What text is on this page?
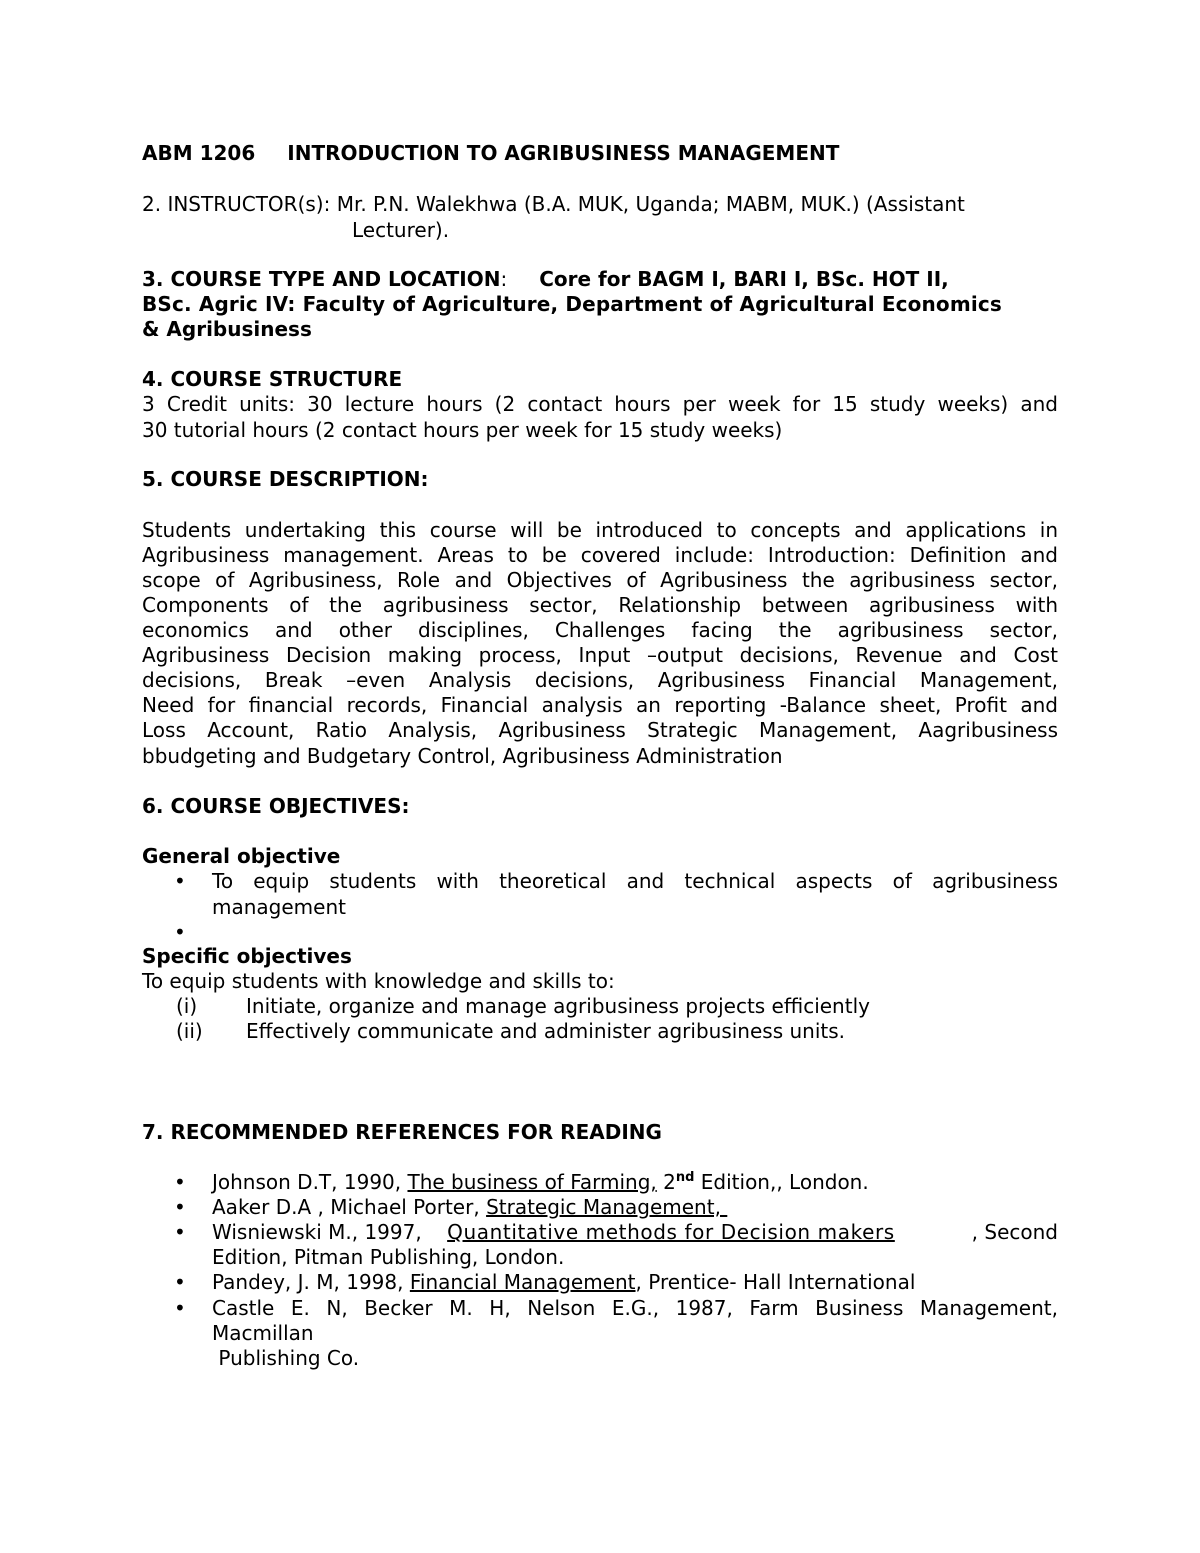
ABM 1206 INTRODUCTION TO AGRIBUSINESS MANAGEMENT
2. INSTRUCTOR(s): Mr. P.N. Walekhwa (B.A. MUK, Uganda; MABM, MUK.) (Assistant
Lecturer).
3. COURSE TYPE AND LOCATION: Core for BAGM I, BARI I, BSc. HOT II,
BSc. Agric IV: Faculty of Agriculture, Department of Agricultural Economics
& Agribusiness
4. COURSE STRUCTURE
3 Credit units: 30 lecture hours (2 contact hours per week for 15 study weeks) and
30 tutorial hours (2 contact hours per week for 15 study weeks)
5. COURSE DESCRIPTION:
Students undertaking this course will be introduced to concepts and applications in
Agribusiness management. Areas to be covered include: Introduction: Definition and
scope of Agribusiness, Role and Objectives of Agribusiness the agribusiness sector,
Components of the agribusiness sector, Relationship between agribusiness with
economics and other disciplines, Challenges facing the agribusiness sector,
Agribusiness Decision making process, Input –output decisions, Revenue and Cost
decisions, Break –even Analysis decisions, Agribusiness Financial Management,
Need for financial records, Financial analysis an reporting -Balance sheet, Profit and
Loss Account, Ratio Analysis, Agribusiness Strategic Management, Aagribusiness
bbudgeting and Budgetary Control, Agribusiness Administration
6. COURSE OBJECTIVES:
General objective
• To equip students with theoretical and technical aspects of agribusiness
management
•
Specific objectives
To equip students with knowledge and skills to:
(i) Initiate, organize and manage agribusiness projects efficiently
(ii) Effectively communicate and administer agribusiness units.
7. RECOMMENDED REFERENCES FOR READING
• Johnson D.T, 1990, The business of Farming, 2nd Edition,, London.
• Aaker D.A , Michael Porter, Strategic Management,
• Wisniewski M., 1997,    Quantitative methods for Decision makers	, Second
Edition, Pitman Publishing, London.
• Pandey, J. M, 1998, Financial Management, Prentice- Hall International
• Castle E. N, Becker M. H, Nelson E.G., 1987, Farm Business Management,
Macmillan
Publishing Co.
